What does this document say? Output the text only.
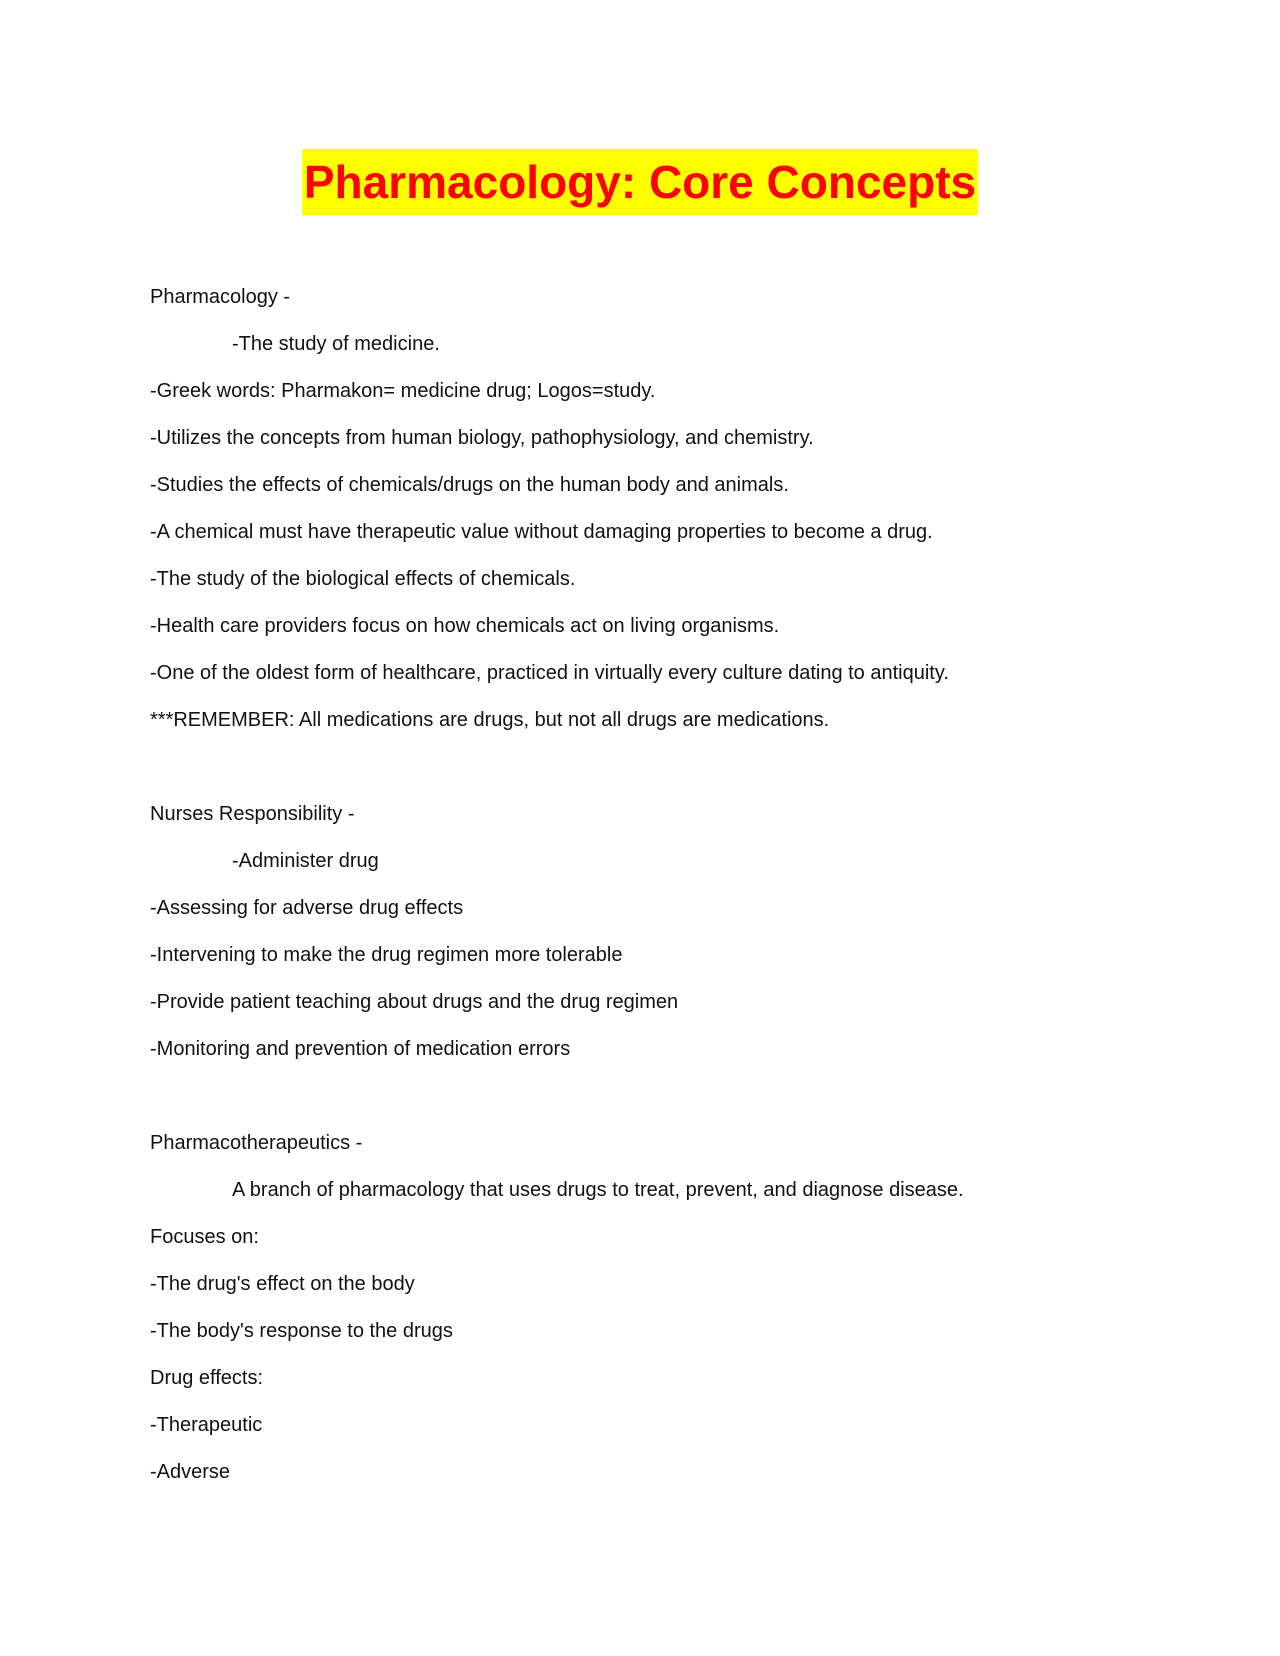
Pharmacology: Core Concepts
Pharmacology -
-The study of medicine.
-Greek words: Pharmakon= medicine drug; Logos=study.
-Utilizes the concepts from human biology, pathophysiology, and chemistry.
-Studies the effects of chemicals/drugs on the human body and animals.
-A chemical must have therapeutic value without damaging properties to become a drug.
-The study of the biological effects of chemicals.
-Health care providers focus on how chemicals act on living organisms.
-One of the oldest form of healthcare, practiced in virtually every culture dating to antiquity.
***REMEMBER: All medications are drugs, but not all drugs are medications.
Nurses Responsibility -
-Administer drug
-Assessing for adverse drug effects
-Intervening to make the drug regimen more tolerable
-Provide patient teaching about drugs and the drug regimen
-Monitoring and prevention of medication errors
Pharmacotherapeutics -
A branch of pharmacology that uses drugs to treat, prevent, and diagnose disease.
Focuses on:
-The drug's effect on the body
-The body's response to the drugs
Drug effects:
-Therapeutic
-Adverse
